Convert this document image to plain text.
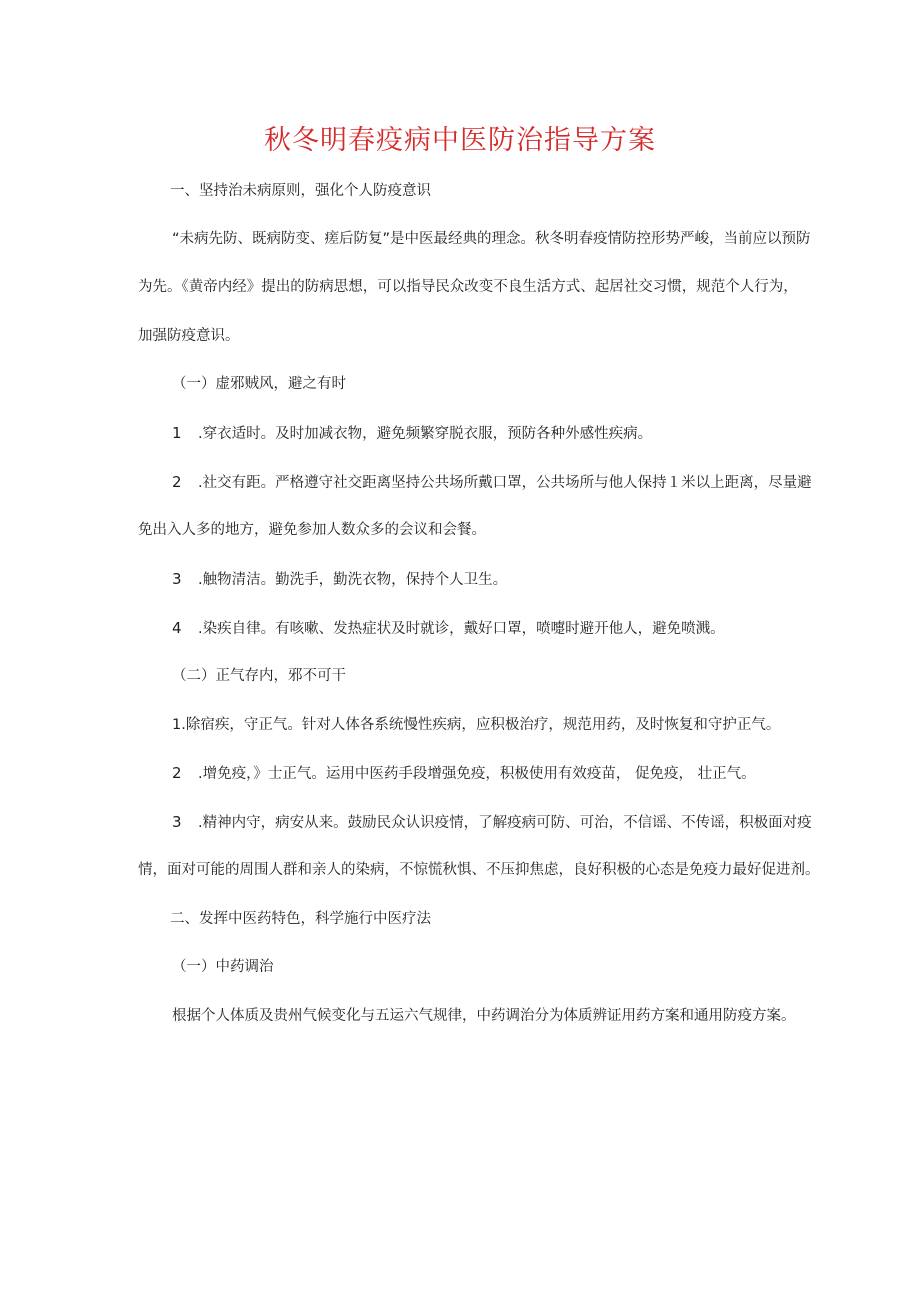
秋冬明春疫病中医防治指导方案
一、坚持治未病原则，强化个人防疫意识
“未病先防、既病防变、瘥后防复”是中医最经典的理念。秋冬明春疫情防控形势严峻，当前应以预防
为先。《黄帝内经》提出的防病思想，可以指导民众改变不良生活方式、起居社交习惯，规范个人行为，
加强防疫意识。
（一）虚邪贼风，避之有时
1 .穿衣适时。及时加减衣物，避免频繁穿脱衣服，预防各种外感性疾病。
2 .社交有距。严格遵守社交距离坚持公共场所戴口罩，公共场所与他人保持１米以上距离，尽量避
免出入人多的地方，避免参加人数众多的会议和会餐。
3 .触物清洁。勤洗手，勤洗衣物，保持个人卫生。
4 .染疾自律。有咳嗽、发热症状及时就诊，戴好口罩，喷嚏时避开他人，避免喷溅。
（二）正气存内，邪不可干
1.除宿疾，守正气。针对人体各系统慢性疾病，应积极治疗，规范用药，及时恢复和守护正气。
2 .增免疫，》士正气。运用中医药手段增强免疫，积极使用有效疫苗， 促免疫， 壮正气。
3 .精神内守，病安从来。鼓励民众认识疫情，了解疫病可防、可治，不信谣、不传谣，积极面对疫
情，面对可能的周围人群和亲人的染病，不惊慌秋惧、不压抑焦虑，良好积极的心态是免疫力最好促进剂。
二、发挥中医药特色，科学施行中医疗法
（一）中药调治
根据个人体质及贵州气候变化与五运六气规律，中药调治分为体质辨证用药方案和通用防疫方案。
